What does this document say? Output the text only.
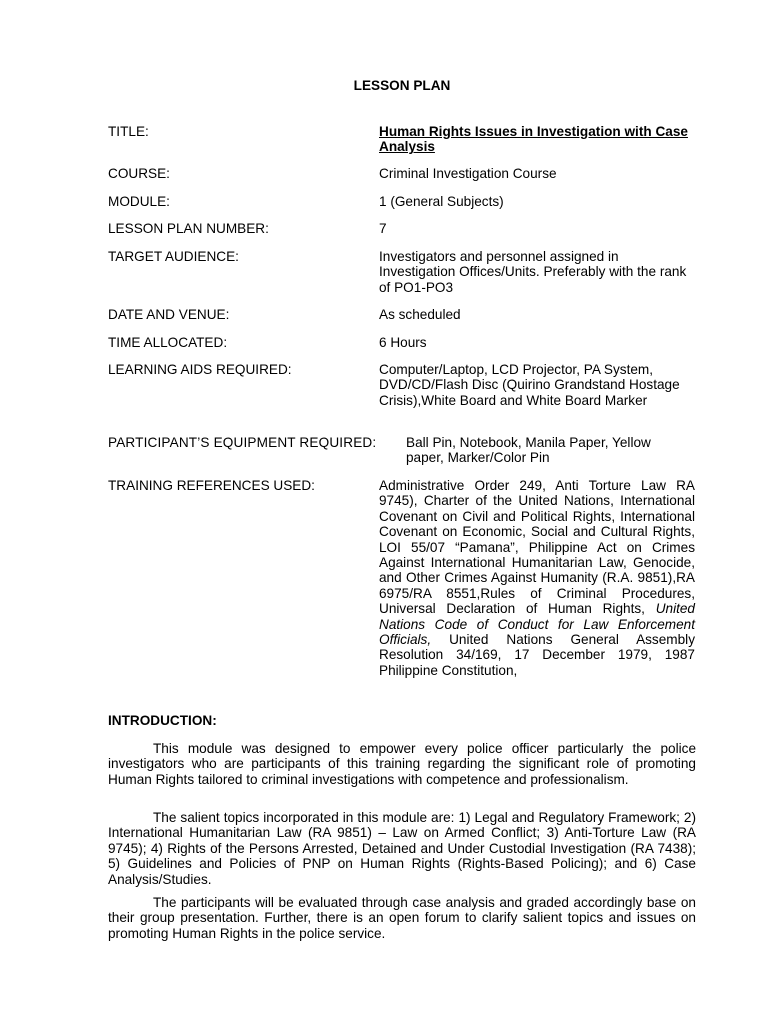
LESSON PLAN
TITLE:	Human Rights Issues in Investigation with Case Analysis
COURSE:	Criminal Investigation Course
MODULE:	1 (General Subjects)
LESSON PLAN NUMBER:	7
TARGET AUDIENCE:	Investigators and personnel assigned in Investigation Offices/Units. Preferably with the rank of PO1-PO3
DATE AND VENUE:	As scheduled
TIME ALLOCATED:	6 Hours
LEARNING AIDS REQUIRED:	Computer/Laptop, LCD Projector, PA System, DVD/CD/Flash Disc (Quirino Grandstand Hostage Crisis),White Board and White Board Marker
PARTICIPANT’S EQUIPMENT REQUIRED: Ball Pin, Notebook, Manila Paper, Yellow
paper, Marker/Color Pin
TRAINING REFERENCES USED:	Administrative Order 249, Anti Torture Law RA 9745), Charter of the United Nations, International Covenant on Civil and Political Rights, International Covenant on Economic, Social and Cultural Rights, LOI 55/07 “Pamana”, Philippine Act on Crimes Against International Humanitarian Law, Genocide, and Other Crimes Against Humanity (R.A. 9851),RA 6975/RA 8551,Rules of Criminal Procedures, Universal Declaration of Human Rights, United Nations Code of Conduct for Law Enforcement Officials, United Nations General Assembly Resolution 34/169, 17 December 1979, 1987 Philippine Constitution,
INTRODUCTION:
This module was designed to empower every police officer particularly the police investigators who are participants of this training regarding the significant role of promoting Human Rights tailored to criminal investigations with competence and professionalism.
The salient topics incorporated in this module are: 1) Legal and Regulatory Framework; 2) International Humanitarian Law (RA 9851) – Law on Armed Conflict; 3) Anti-Torture Law (RA 9745); 4) Rights of the Persons Arrested, Detained and Under Custodial Investigation (RA 7438); 5) Guidelines and Policies of PNP on Human Rights (Rights-Based Policing); and 6) Case Analysis/Studies.
The participants will be evaluated through case analysis and graded accordingly base on their group presentation. Further, there is an open forum to clarify salient topics and issues on promoting Human Rights in the police service.
